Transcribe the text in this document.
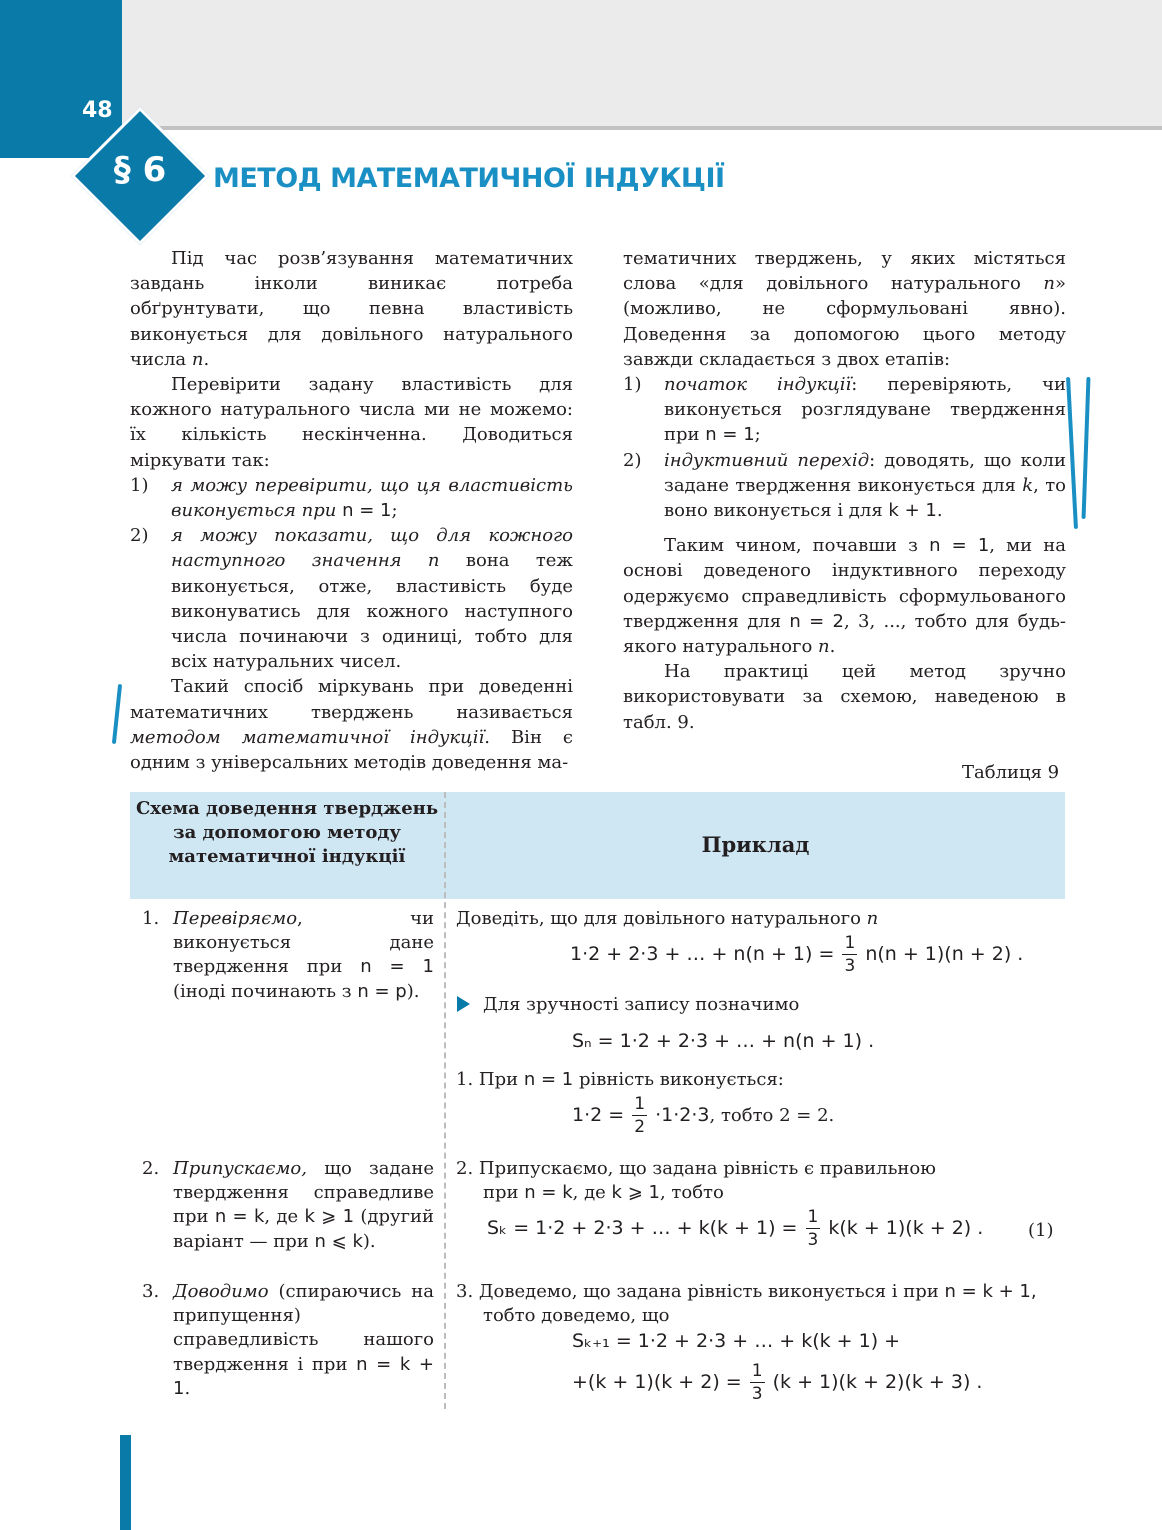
48
§ 6	МЕТОД МАТЕМАТИЧНОЇ ІНДУКЦІЇ

Під час розв’язування математичних завдань інколи виникає потреба обґрунтувати, що певна властивість виконується для довільного натурального числа n.

Перевірити задану властивість для кожного натурального числа ми не можемо: їх кількість нескінченна. Доводиться міркувати так:

1) я можу перевірити, що ця властивість виконується при n = 1;
2) я можу показати, що для кожного наступного значення n вона теж виконується, отже, властивість буде виконуватись для кожного наступного числа починаючи з одиниці, тобто для всіх натуральних чисел.

Такий спосіб міркувань при доведенні математичних тверджень називається методом математичної індукції. Він є одним з універсальних методів доведення ма-

тематичних тверджень, у яких містяться слова «для довільного натурального n» (можливо, не сформульовані явно). Доведення за допомогою цього методу завжди складається з двох етапів:

1) початок індукції: перевіряють, чи виконується розглядуване твердження при n = 1;
2) індуктивний перехід: доводять, що коли задане твердження виконується для k, то воно виконується і для k + 1.

Таким чином, почавши з n = 1, ми на основі доведеного індуктивного переходу одержуємо справедливість сформульованого твердження для n = 2, 3, ..., тобто для будь-якого натурального n.

На практиці цей метод зручно використовувати за схемою, наведеною в табл. 9.

Таблиця 9
Схема доведення тверджень за допомогою методу математичної індукції	Приклад
1. Перевіряємо, чи виконується дане твердження при n = 1 (іноді починають з n = p).
2. Припускаємо, що задане твердження справедливе при n = k, де k ⩾ 1 (другий варіант — при n ⩽ k).
3. Доводимо (спираючись на припущення) справедливість нашого твердження і при n = k + 1.
Доведіть, що для довільного натурального n
1·2 + 2·3 + … + $n(n + 1) = \frac{1}{3} n(n + 1)(n + 2)$ .
Для зручності запису позначимо
Sₙ = 1·2 + 2·3 + … + n(n + 1) .
1. При n = 1 рівність виконується:
$1\cdot 2 = \frac{1}{2} \cdot 1\cdot 2\cdot 3$, тобто 2 = 2.
2. Припускаємо, що задана рівність є правильною
при n = k, де k ⩾ 1, тобто
Sₖ = 1·2 + 2·3 + … + $k(k + 1) = \frac{1}{3} k(k + 1)(k + 2)$ . (1)
3. Доведемо, що задана рівність виконується і при n = k + 1,
тобто доведемо, що
Sₖ₊₁ = 1·2 + 2·3 + … + k(k + 1) +
$+(k + 1)(k + 2) = \frac{1}{3} (k + 1)(k + 2)(k + 3)$ .
